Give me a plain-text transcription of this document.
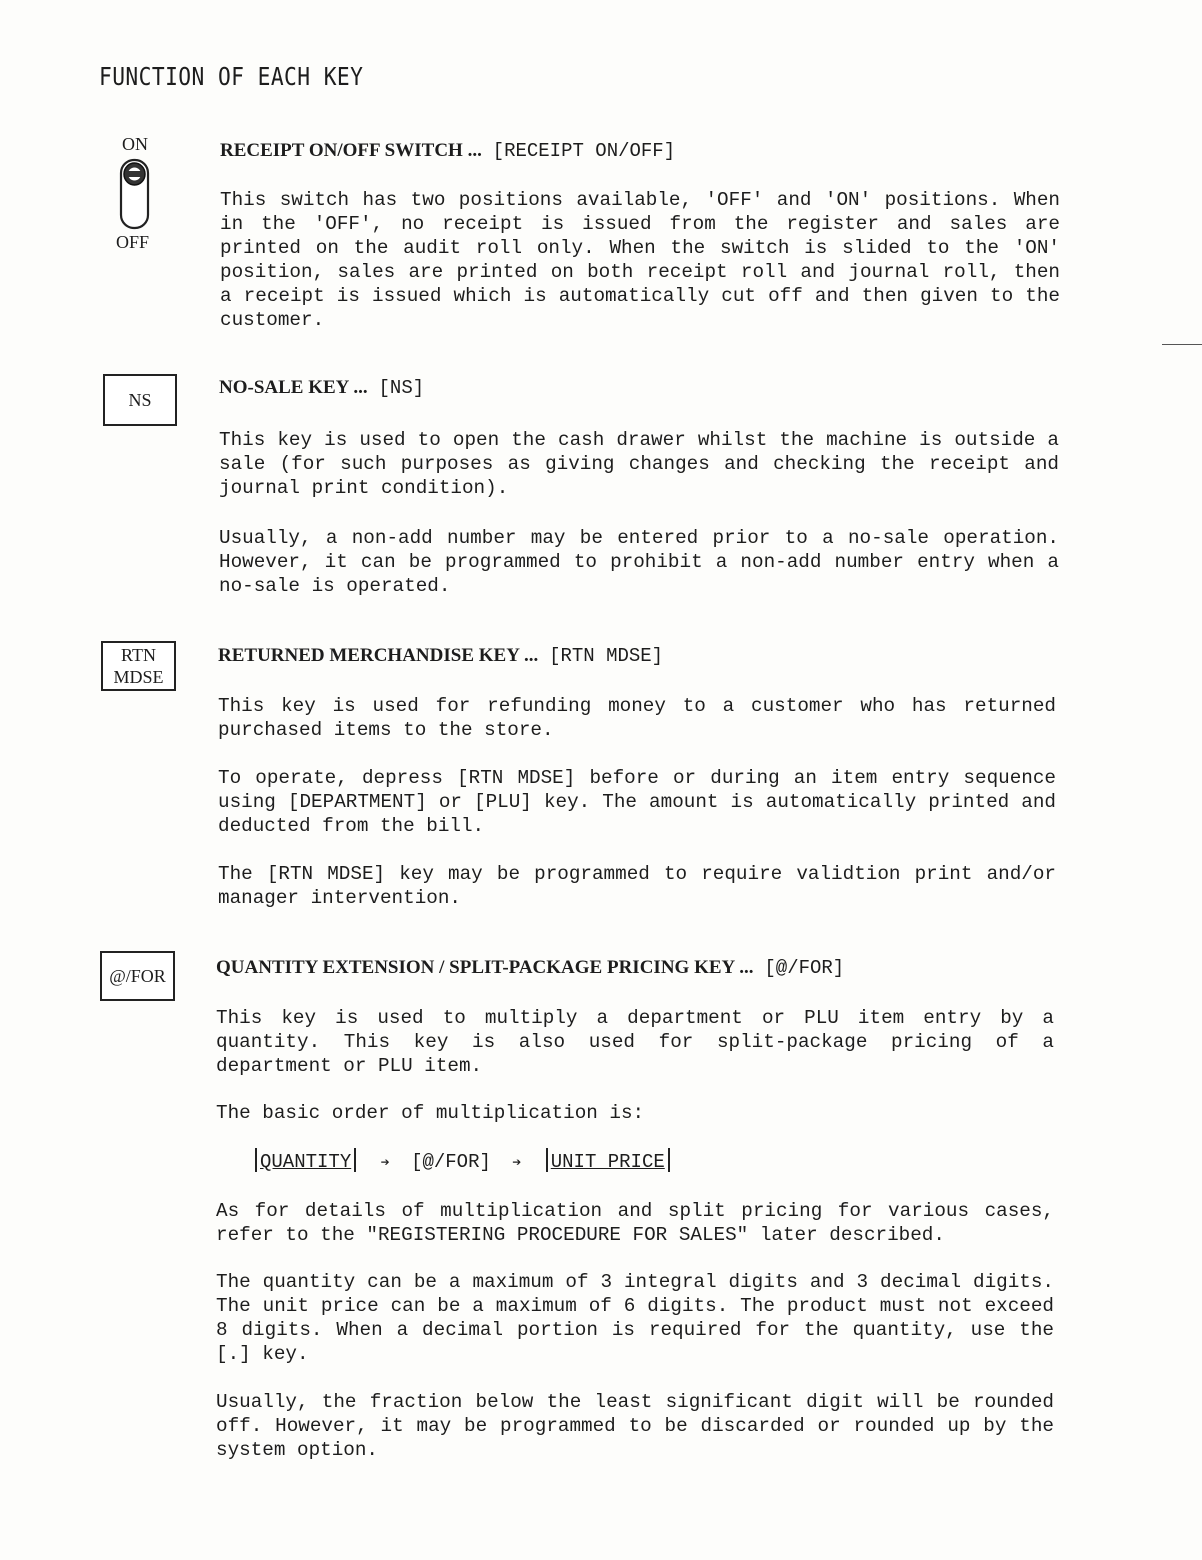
FUNCTION OF EACH KEY
ON
OFF
RECEIPT ON/OFF SWITCH ... [RECEIPT ON/OFF]
This switch has two positions available, 'OFF' and 'ON' positions. When in the 'OFF', no receipt is issued from the register and sales are printed on the audit roll only. When the switch is slided to the 'ON' position, sales are printed on both receipt roll and journal roll, then a receipt is issued which is automatically cut off and then given to the customer.
NS
NO-SALE KEY ... [NS]
This key is used to open the cash drawer whilst the machine is outside a sale (for such purposes as giving changes and checking the receipt and journal print condition).
Usually, a non-add number may be entered prior to a no-sale operation. However, it can be programmed to prohibit a non-add number entry when a no-sale is operated.
RTN
MDSE
RETURNED MERCHANDISE KEY ... [RTN MDSE]
This key is used for refunding money to a customer who has returned purchased items to the store.
To operate, depress [RTN MDSE] before or during an item entry sequence using [DEPARTMENT] or [PLU] key. The amount is automatically printed and deducted from the bill.
The [RTN MDSE] key may be programmed to require validtion print and/or manager intervention.
@/FOR	QUANTITY EXTENSION / SPLIT-PACKAGE PRICING KEY ... [@/FOR]
This key is used to multiply a department or PLU item entry by a quantity. This key is also used for split-package pricing of a department or PLU item.
The basic order of multiplication is:
QUANTITY ➔ [@/FOR] ➔ UNIT PRICE
As for details of multiplication and split pricing for various cases, refer to the "REGISTERING PROCEDURE FOR SALES" later described.
The quantity can be a maximum of 3 integral digits and 3 decimal digits. The unit price can be a maximum of 6 digits. The product must not exceed 8 digits. When a decimal portion is required for the quantity, use the [.] key.
Usually, the fraction below the least significant digit will be rounded off. However, it may be programmed to be discarded or rounded up by the system option.
